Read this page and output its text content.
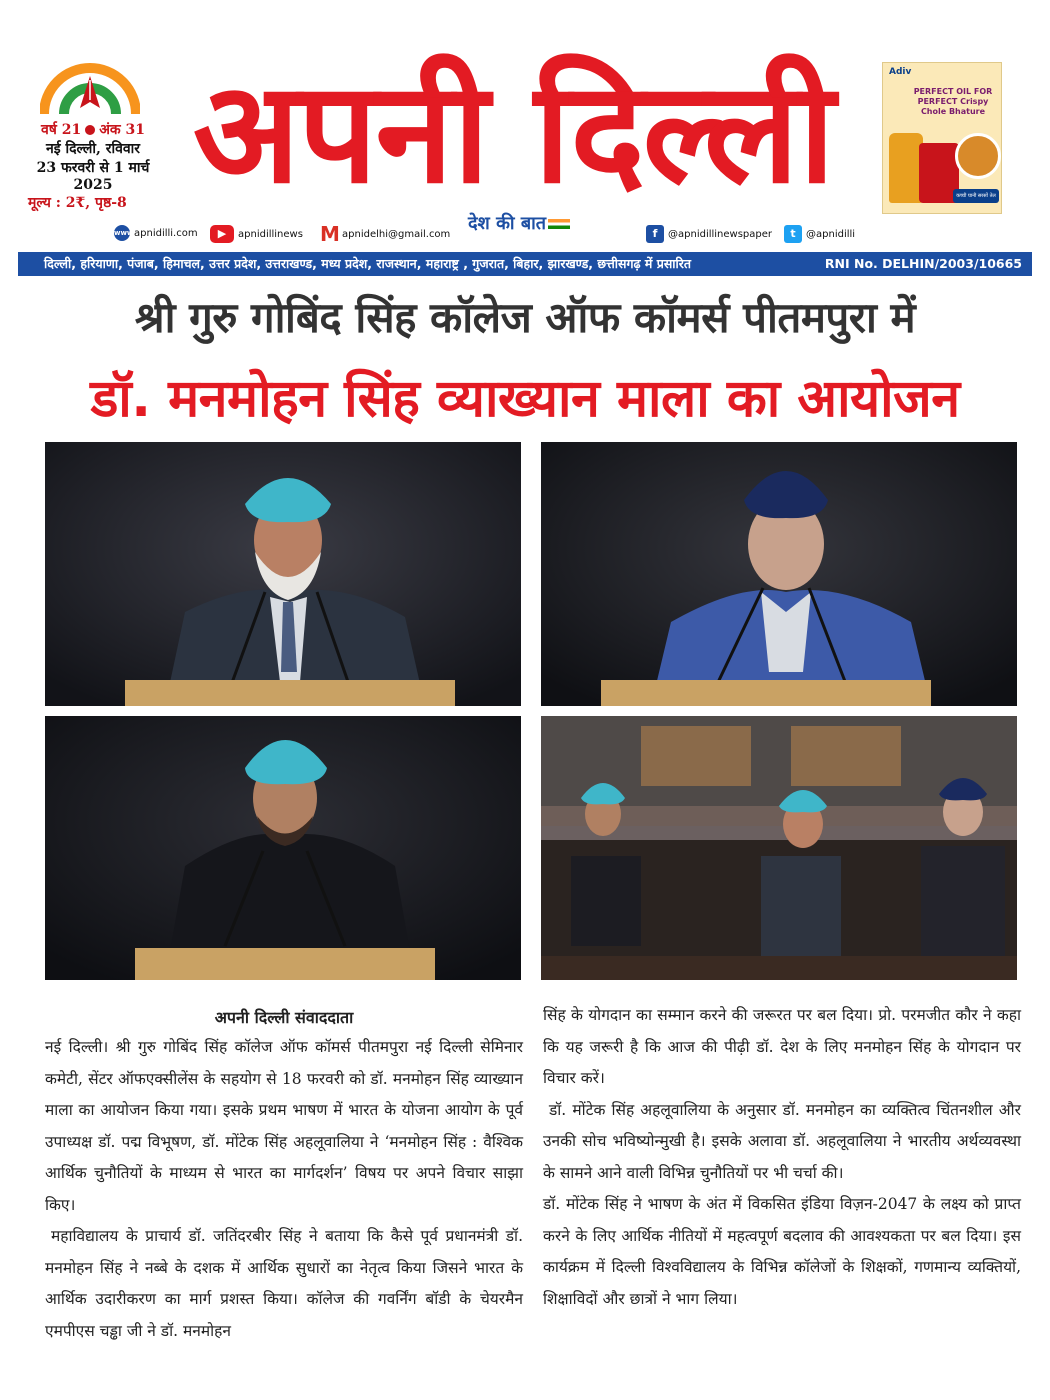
वर्ष 21 अंक 31
नई दिल्ली, रविवार
23 फरवरी से 1 मार्च 2025
मूल्य : 2₹, पृष्ठ-8 अपनी दिल्ली
देश की बात
Adiv
PERFECT OIL FOR PERFECT Crispy Chole Bhature
कच्ची घानी सरसों तेल
www apnidilli.com	▶	apnidillinews M apnidelhi@gmail.com	f	@apnidillinewspaper	t	@apnidilli
दिल्ली, हरियाणा, पंजाब, हिमाचल, उत्तर प्रदेश, उत्तराखण्ड, मध्य प्रदेश, राजस्थान, महाराष्ट्र , गुजरात, बिहार, झारखण्ड, छत्तीसगढ़ में प्रसारित	RNI No. DELHIN/2003/10665
श्री गुरु गोबिंद सिंह कॉलेज ऑफ कॉमर्स पीतमपुरा में
डॉ. मनमोहन सिंह व्याख्यान माला का आयोजन
अपनी दिल्ली संवाददाता

नई दिल्ली। श्री गुरु गोबिंद सिंह कॉलेज ऑफ कॉमर्स पीतमपुरा नई दिल्ली सेमिनार कमेटी, सेंटर ऑफएक्सीलेंस के सहयोग से 18 फरवरी को डॉ. मनमोहन सिंह व्याख्यान माला का आयोजन किया गया। इसके प्रथम भाषण में भारत के योजना आयोग के पूर्व उपाध्यक्ष डॉ. पद्म विभूषण, डॉ. मोंटेक सिंह अहलूवालिया ने ‘मनमोहन सिंह : वैश्विक आर्थिक चुनौतियों के माध्यम से भारत का मार्गदर्शन’ विषय पर अपने विचार साझा किए।

महाविद्यालय के प्राचार्य डॉ. जतिंदरबीर सिंह ने बताया कि कैसे पूर्व प्रधानमंत्री डॉ. मनमोहन सिंह ने नब्बे के दशक में आर्थिक सुधारों का नेतृत्व किया जिसने भारत के आर्थिक उदारीकरण का मार्ग प्रशस्त किया। कॉलेज की गवर्निंग बॉडी के चेयरमैन एमपीएस चड्ढा जी ने डॉ. मनमोहन

सिंह के योगदान का सम्मान करने की जरूरत पर बल दिया। प्रो. परमजीत कौर ने कहा कि यह जरूरी है कि आज की पीढ़ी डॉ. देश के लिए मनमोहन सिंह के योगदान पर विचार करें।

डॉ. मोंटेक सिंह अहलूवालिया के अनुसार डॉ. मनमोहन का व्यक्तित्व चिंतनशील और उनकी सोच भविष्योन्मुखी है। इसके अलावा डॉ. अहलूवालिया ने भारतीय अर्थव्यवस्था के सामने आने वाली विभिन्न चुनौतियों पर भी चर्चा की।

डॉ. मोंटेक सिंह ने भाषण के अंत में विकसित इंडिया विज़न-2047 के लक्ष्य को प्राप्त करने के लिए आर्थिक नीतियों में महत्वपूर्ण बदलाव की आवश्यकता पर बल दिया। इस कार्यक्रम में दिल्ली विश्वविद्यालय के विभिन्न कॉलेजों के शिक्षकों, गणमान्य व्यक्तियों, शिक्षाविदों और छात्रों ने भाग लिया।
